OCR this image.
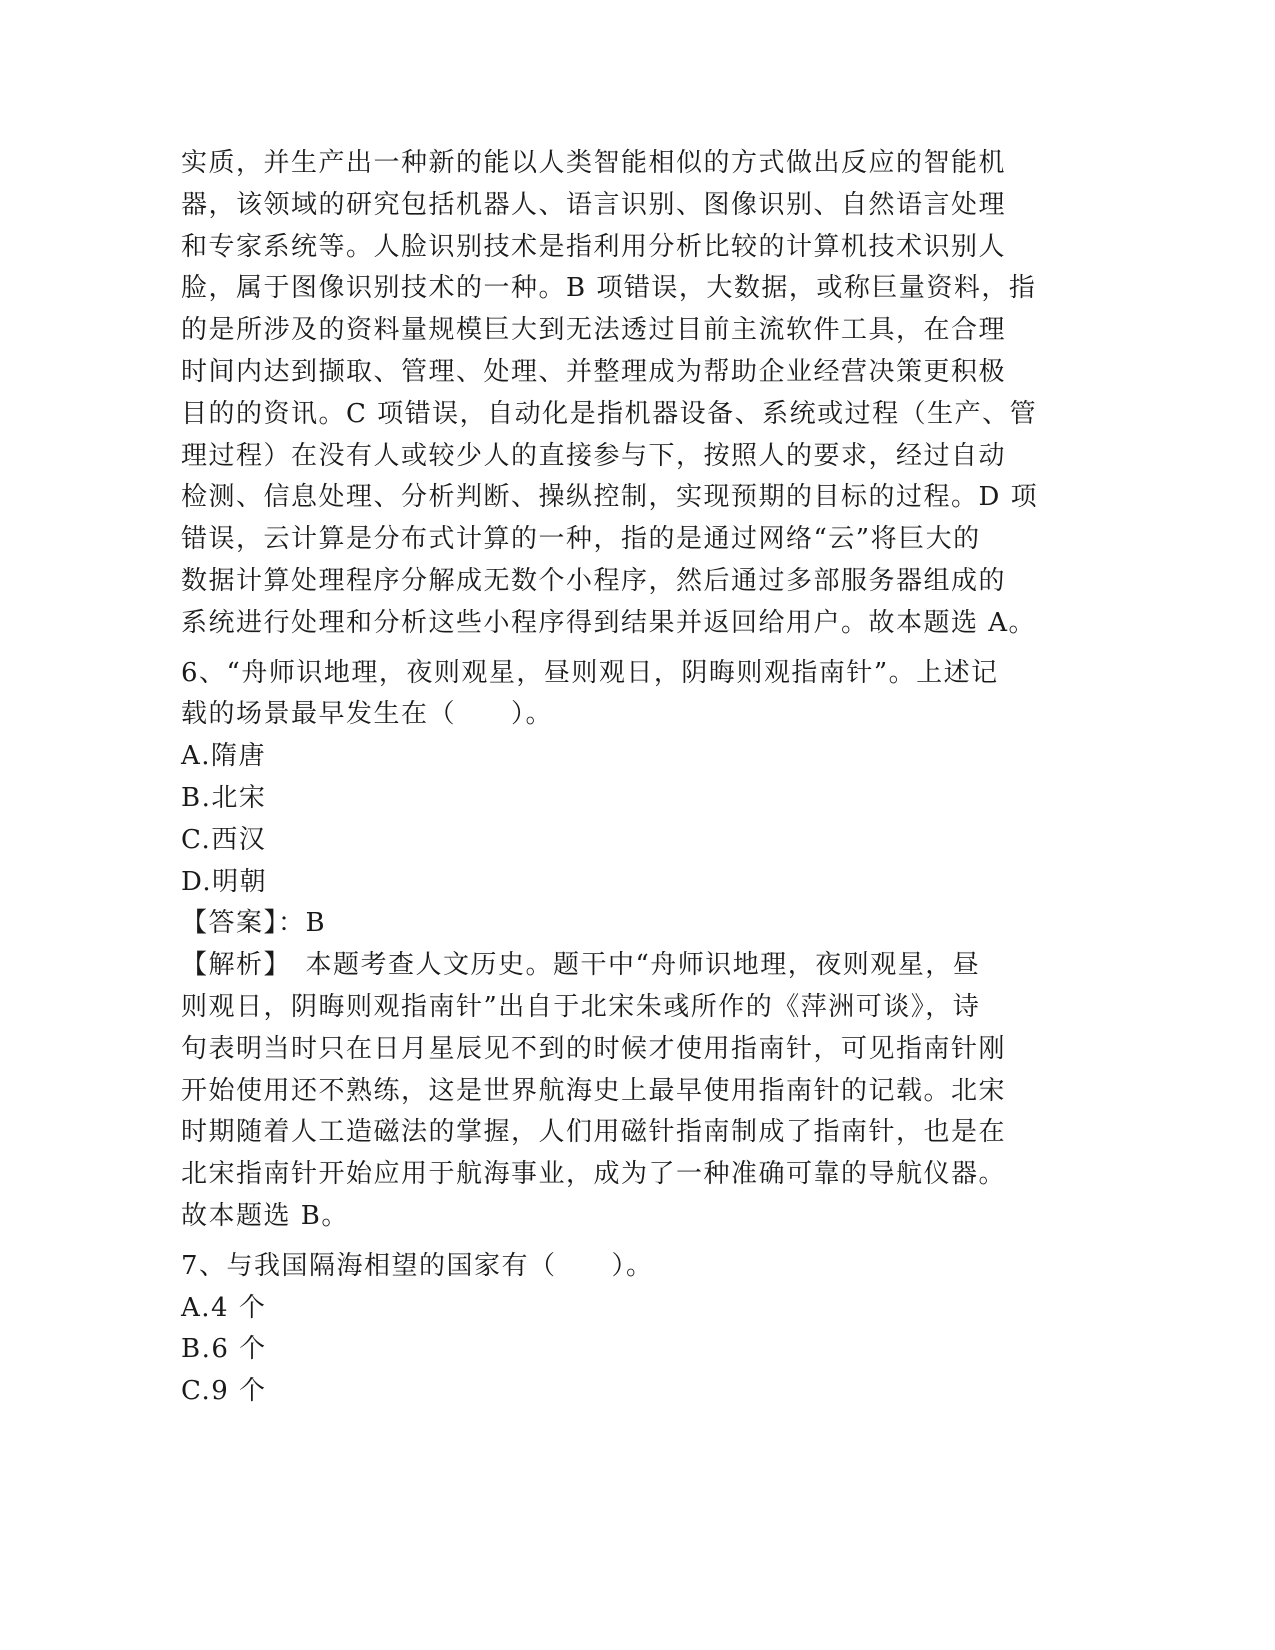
实质，并生产出一种新的能以人类智能相似的方式做出反应的智能机
器，该领域的研究包括机器人、语言识别、图像识别、自然语言处理
和专家系统等。人脸识别技术是指利用分析比较的计算机技术识别人
脸，属于图像识别技术的一种。B 项错误，大数据，或称巨量资料，指
的是所涉及的资料量规模巨大到无法透过目前主流软件工具，在合理
时间内达到撷取、管理、处理、并整理成为帮助企业经营决策更积极
目的的资讯。C 项错误，自动化是指机器设备、系统或过程（生产、管
理过程）在没有人或较少人的直接参与下，按照人的要求，经过自动
检测、信息处理、分析判断、操纵控制，实现预期的目标的过程。D 项
错误，云计算是分布式计算的一种，指的是通过网络“云”将巨大的
数据计算处理程序分解成无数个小程序，然后通过多部服务器组成的
系统进行处理和分析这些小程序得到结果并返回给用户。故本题选 A。
6、“舟师识地理，夜则观星，昼则观日，阴晦则观指南针”。上述记
载的场景最早发生在（　　）。
A.隋唐
B.北宋
C.西汉
D.明朝
【答案】：B
【解析】　本题考查人文历史。题干中“舟师识地理，夜则观星，昼
则观日，阴晦则观指南针”出自于北宋朱彧所作的《萍洲可谈》，诗
句表明当时只在日月星辰见不到的时候才使用指南针，可见指南针刚
开始使用还不熟练，这是世界航海史上最早使用指南针的记载。北宋
时期随着人工造磁法的掌握，人们用磁针指南制成了指南针，也是在
北宋指南针开始应用于航海事业，成为了一种准确可靠的导航仪器。
故本题选 B。
7、与我国隔海相望的国家有（　　）。
A.4 个
B.6 个
C.9 个
